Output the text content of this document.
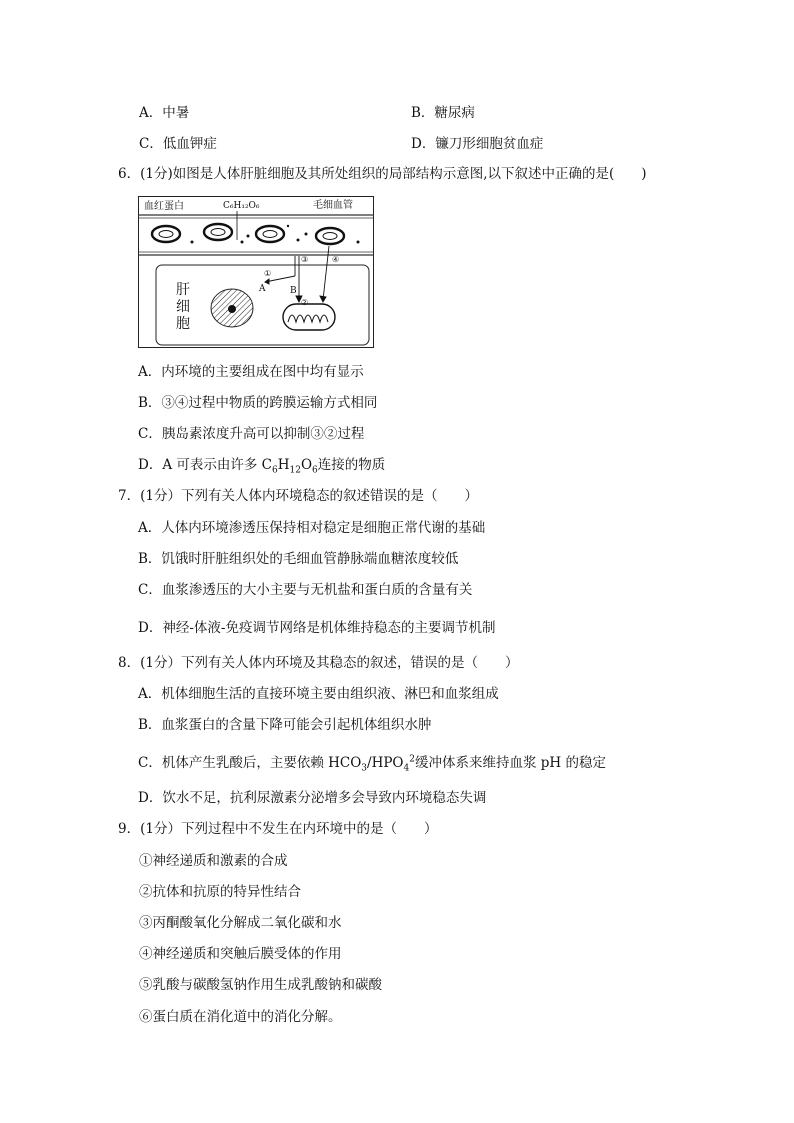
A．中暑	B．糖尿病
C．低血钾症	D．镰刀形细胞贫血症
6．(1分)如图是人体肝脏细胞及其所处组织的局部结构示意图,以下叙述中正确的是(　　)
血红蛋白	C₆H₁₂O₆	毛细血管
肝
细
胞
①
A
③	④
B
②
A．内环境的主要组成在图中均有显示
B．③④过程中物质的跨膜运输方式相同
C．胰岛素浓度升高可以抑制③②过程
D．A 可表示由许多 $C_6H_{12}O_6$连接的物质
7．(1分）下列有关人体内环境稳态的叙述错误的是（　　）
A．人体内环境渗透压保持相对稳定是细胞正常代谢的基础
B．饥饿时肝脏组织处的毛细血管静脉端血糖浓度较低
C．血浆渗透压的大小主要与无机盐和蛋白质的含量有关
D．神经-体液-免疫调节网络是机体维持稳态的主要调节机制
8．(1分）下列有关人体内环境及其稳态的叙述，错误的是（　　）
A．机体细胞生活的直接环境主要由组织液、淋巴和血浆组成
B．血浆蛋白的含量下降可能会引起机体组织水肿
C．机体产生乳酸后，主要依赖 $HCO_3/HPO_4^2$缓冲体系来维持血浆 pH 的稳定
D．饮水不足，抗利尿激素分泌增多会导致内环境稳态失调
9．(1分）下列过程中不发生在内环境中的是（　　）
①神经递质和激素的合成
②抗体和抗原的特异性结合
③丙酮酸氧化分解成二氧化碳和水
④神经递质和突触后膜受体的作用
⑤乳酸与碳酸氢钠作用生成乳酸钠和碳酸
⑥蛋白质在消化道中的消化分解。
